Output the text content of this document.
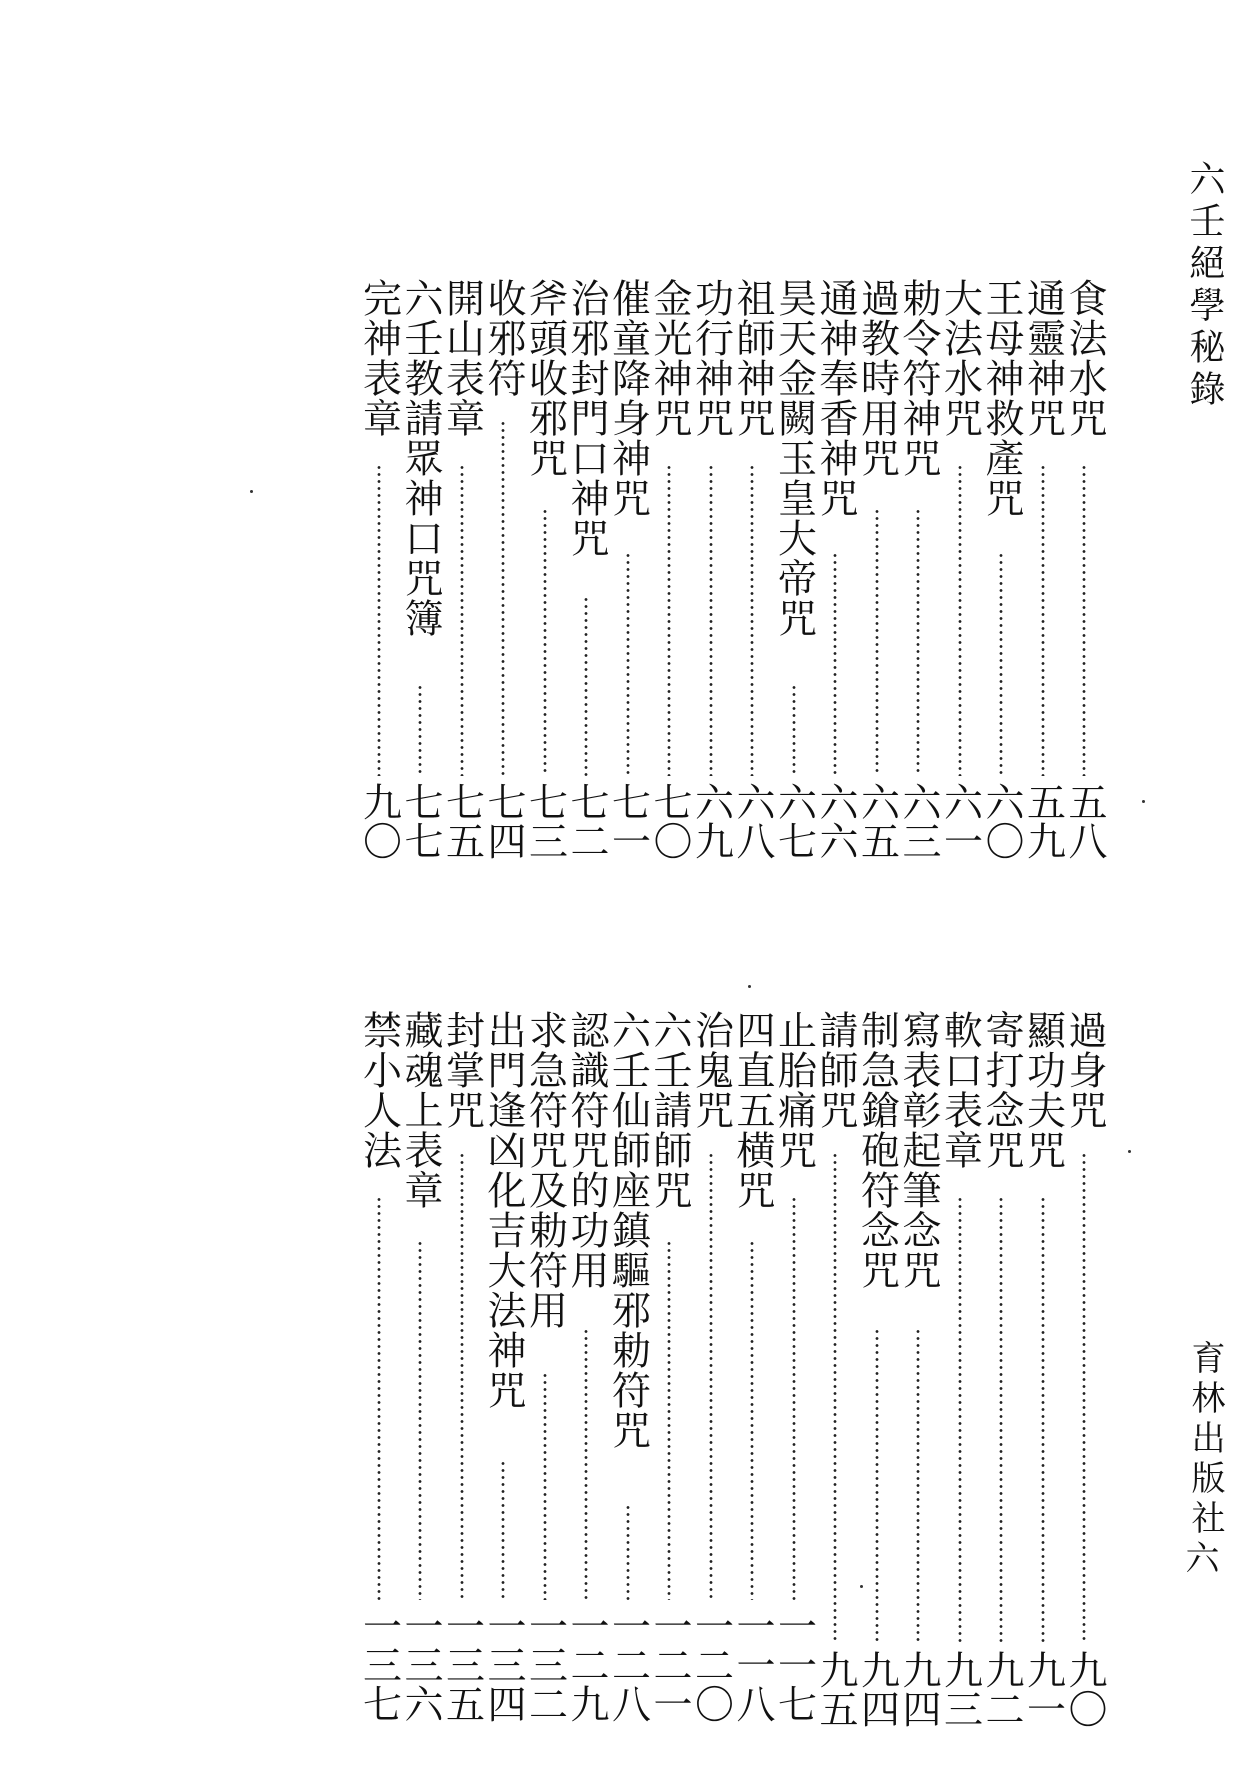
六壬絕學秘錄
食法水咒
五八
通靈神咒
五九
王母神救產咒
六〇
大法水咒
六一
勅令符神咒
六三
過教時用咒
六五
通神奉香神咒
六六
昊天金闕玉皇大帝咒
六七
祖師神咒
六八
功行神咒
六九
金光神咒
七〇
催童降身神咒
七一
治邪封門口神咒
七二
斧頭收邪咒
七三
收邪符
七四
開山表章
七五
六壬教請眾神口咒簿
七七
完神表章
九〇
過身咒
九〇
顯功夫咒
九一
寄打念咒
九二
軟口表章
九三
寫表彰起筆念咒
九四
制急鎗砲符念咒
九四
請師咒
九五
止胎痛咒
一一七
四直五横咒
一一八
治鬼咒
一二〇
六壬請師咒
一二一
六壬仙師座鎮驅邪勅符咒
一二八
認識符咒的功用
一二九
求急符咒及勅符用
一三二
出門逢凶化吉大法神咒
一三四
封掌咒
一三五
藏魂上表章
一三六
禁小人法
一三七
育林出版社
六
